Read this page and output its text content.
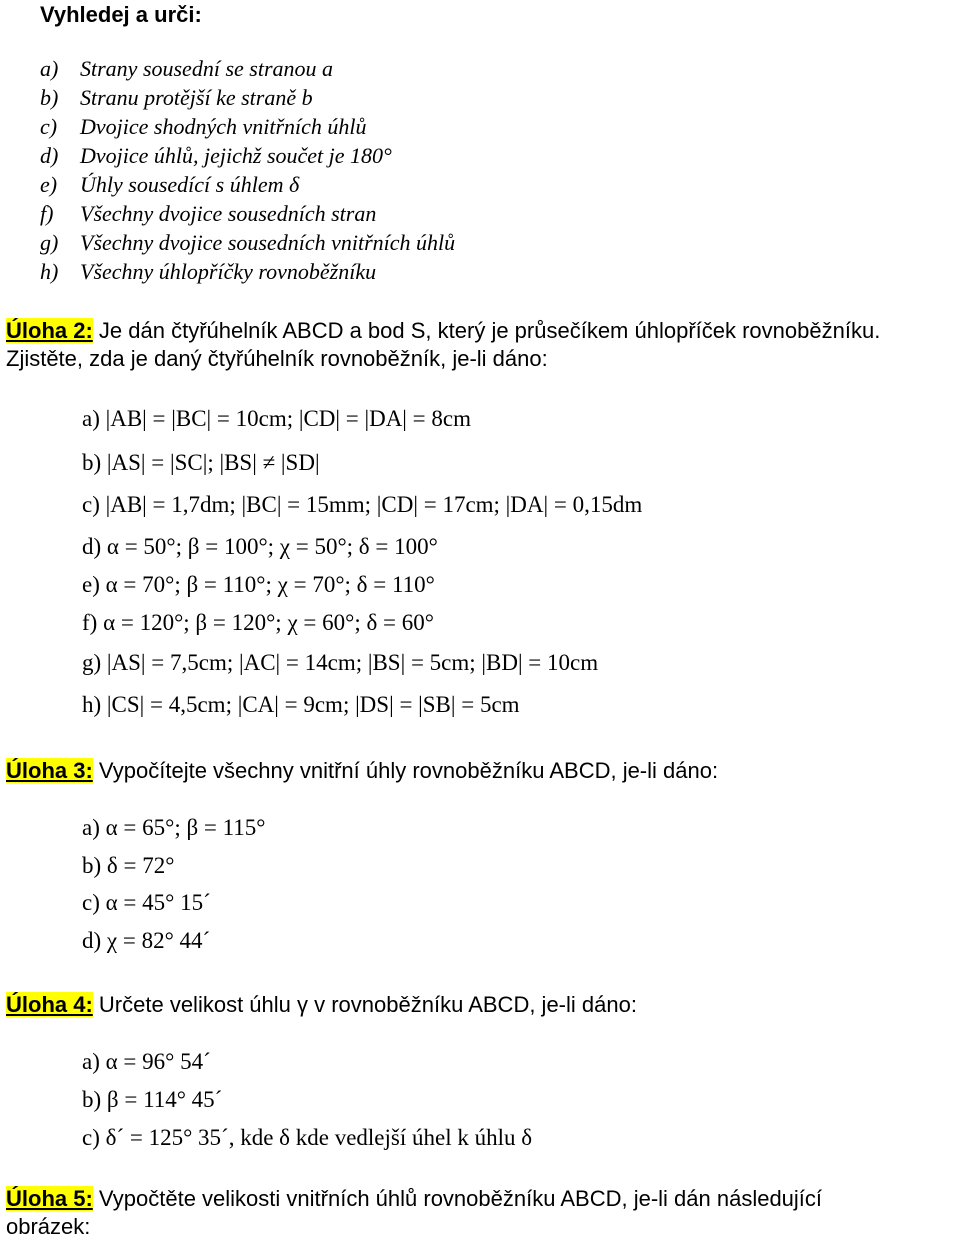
Vyhledej a urči:
a) Strany sousední se stranou a
b) Stranu protější ke straně b
c) Dvojice shodných vnitřních úhlů
d) Dvojice úhlů, jejichž součet je 180°
e) Úhly sousedící s úhlem δ
f) Všechny dvojice sousedních stran
g) Všechny dvojice sousedních vnitřních úhlů
h) Všechny úhlopříčky rovnoběžníku
Úloha 2: Je dán čtyřúhelník ABCD a bod S, který je průsečíkem úhlopříček rovnoběžníku.
Zjistěte, zda je daný čtyřúhelník rovnoběžník, je-li dáno:
a) |AB| = |BC| = 10cm; |CD| = |DA| = 8cm
b) |AS| = |SC|; |BS| ≠ |SD|
c) |AB| = 1,7dm; |BC| = 15mm; |CD| = 17cm; |DA| = 0,15dm
d) α = 50°; β = 100°; χ = 50°; δ = 100°
e) α = 70°; β = 110°; χ = 70°; δ = 110°
f) α = 120°; β = 120°; χ = 60°; δ = 60°
g) |AS| = 7,5cm; |AC| = 14cm; |BS| = 5cm; |BD| = 10cm
h) |CS| = 4,5cm; |CA| = 9cm; |DS| = |SB| = 5cm
Úloha 3: Vypočítejte všechny vnitřní úhly rovnoběžníku ABCD, je-li dáno:
a) α = 65°; β = 115°
b) δ = 72°
c) α = 45° 15´
d) χ = 82° 44´
Úloha 4: Určete velikost úhlu γ v rovnoběžníku ABCD, je-li dáno:
a) α = 96° 54´
b) β = 114° 45´
c) δ´ = 125° 35´, kde δ kde vedlejší úhel k úhlu δ
Úloha 5: Vypočtěte velikosti vnitřních úhlů rovnoběžníku ABCD, je-li dán následující
obrázek:
